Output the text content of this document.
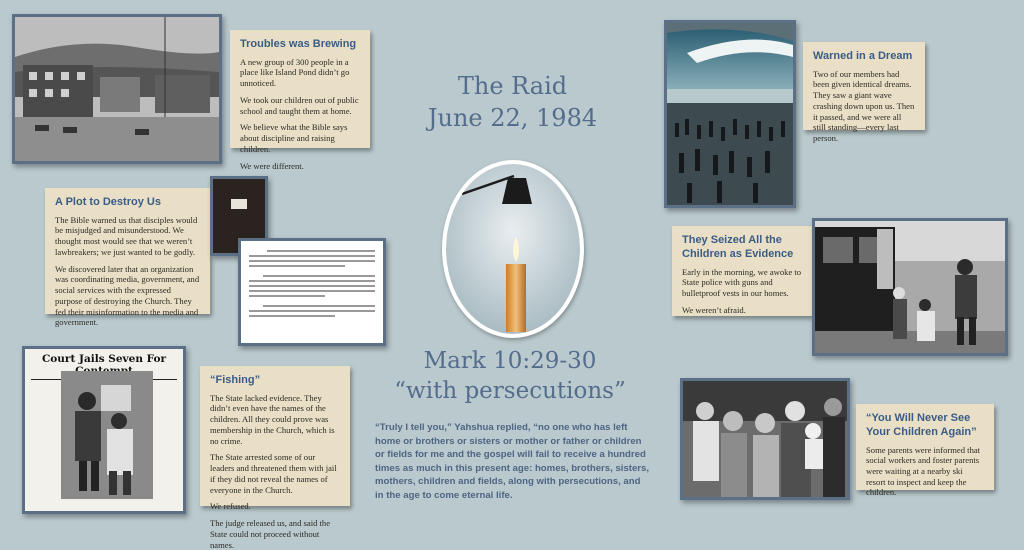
Troubles was Brewing

A new group of 300 people in a place like Island Pond didn’t go unnoticed.

We took our children out of public school and taught them at home.

We believe what the Bible says about discipline and raising children.

We were different.

A Plot to Destroy Us

The Bible warned us that disciples would be misjudged and misunderstood. We thought most would see that we weren’t lawbreakers; we just wanted to be godly.

We discovered later that an organization was coordinating media, government, and social services with the expressed purpose of destroying the Church. They fed their misinformation to the media and government.

Court Jails Seven For
“Fishing”

The State lacked evidence. They didn’t even have the names of the children. All they could prove was membership in the Church, which is no crime.

The State arrested some of our leaders and threatened them with jail if they did not reveal the names of everyone in the Church.

We refused.

The judge released us, and said the State could not proceed without names.

The Raid
June 22, 1984
Mark 10:29-30
“with persecutions”
“Truly I tell you,” Yahshua replied, “no one who has left home or brothers or sisters or mother or father or children or fields for me and the gospel will fail to receive a hundred times as much in this present age: homes, brothers, sisters, mothers, children and fields, along with persecutions, and in the age to come eternal life.
Warned in a Dream

Two of our members had been given identical dreams. They saw a giant wave crashing down upon us. Then it passed, and we were all still standing—every last person.

They Seized All the Children as Evidence

Early in the morning, we awoke to State police with guns and bulletproof vests in our homes.

We weren’t afraid.

“You Will Never See Your Children Again”

Some parents were informed that social workers and foster parents were waiting at a nearby ski resort to inspect and keep the children.
